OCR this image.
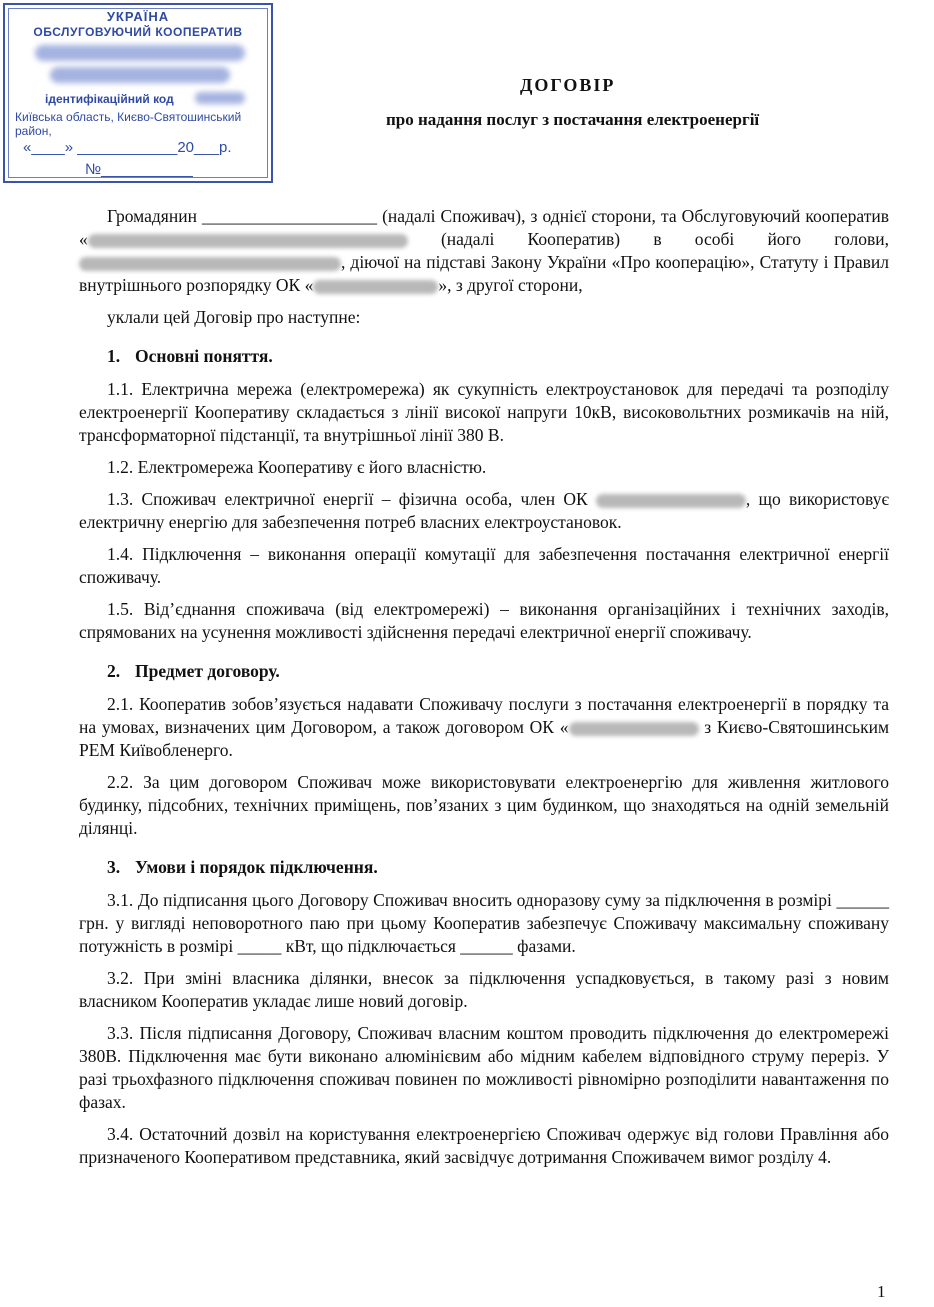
УКРАЇНА
ОБСЛУГОВУЮЧИЙ КООПЕРАТИВ
ідентифікаційний код
Київська область, Києво-Святошинський район,
«____» ____________20___р.
№___________
ДОГОВІР
про надання послуг з постачання електроенергії

Громадянин ____________________ (надалі Споживач), з однієї сторони, та Обслуговуючий кооператив «	(надалі Кооператив) в особі його голови, , діючої на підставі Закону України «Про кооперацію», Статуту і Правил внутрішнього розпорядку ОК «	», з другої сторони,

уклали цей Договір про наступне:

1. Основні поняття.

1.1. Електрична мережа (електромережа) як сукупність електроустановок для передачі та розподілу електроенергії Кооперативу складається з лінії високої напруги 10кВ, високовольтних розмикачів на ній, трансформаторної підстанції, та внутрішньої лінії 380 В.

1.2. Електромережа Кооперативу є його власністю.

1.3. Споживач електричної енергії – фізична особа, член ОК	, що використовує електричну енергію для забезпечення потреб власних електроустановок.

1.4. Підключення – виконання операції комутації для забезпечення постачання електричної енергії споживачу.

1.5. Від’єднання споживача (від електромережі) – виконання організаційних і технічних заходів, спрямованих на усунення можливості здійснення передачі електричної енергії споживачу.

2. Предмет договору.

2.1. Кооператив зобов’язується надавати Споживачу послуги з постачання електроенергії в порядку та на умовах, визначених цим Договором, а також договором ОК «	з Києво-Святошинським РЕМ Київобленерго.

2.2. За цим договором Споживач може використовувати електроенергію для живлення житлового будинку, підсобних, технічних приміщень, пов’язаних з цим будинком, що знаходяться на одній земельній ділянці.

3. Умови і порядок підключення.

3.1. До підписання цього Договору Споживач вносить одноразову суму за підключення в розмірі ______ грн. у вигляді неповоротного паю при цьому Кооператив забезпечує Споживачу максимальну споживану потужність в розмірі _____ кВт, що підключається ______ фазами.

3.2. При зміні власника ділянки, внесок за підключення успадковується, в такому разі з новим власником Кооператив укладає лише новий договір.

3.3. Після підписання Договору, Споживач власним коштом проводить підключення до електромережі 380В. Підключення має бути виконано алюмінієвим або мідним кабелем відповідного струму переріз. У разі трьохфазного підключення споживач повинен по можливості рівномірно розподілити навантаження по фазах.

3.4. Остаточний дозвіл на користування електроенергією Споживач одержує від голови Правління або призначеного Кооперативом представника, який засвідчує дотримання Споживачем вимог розділу 4.

1
